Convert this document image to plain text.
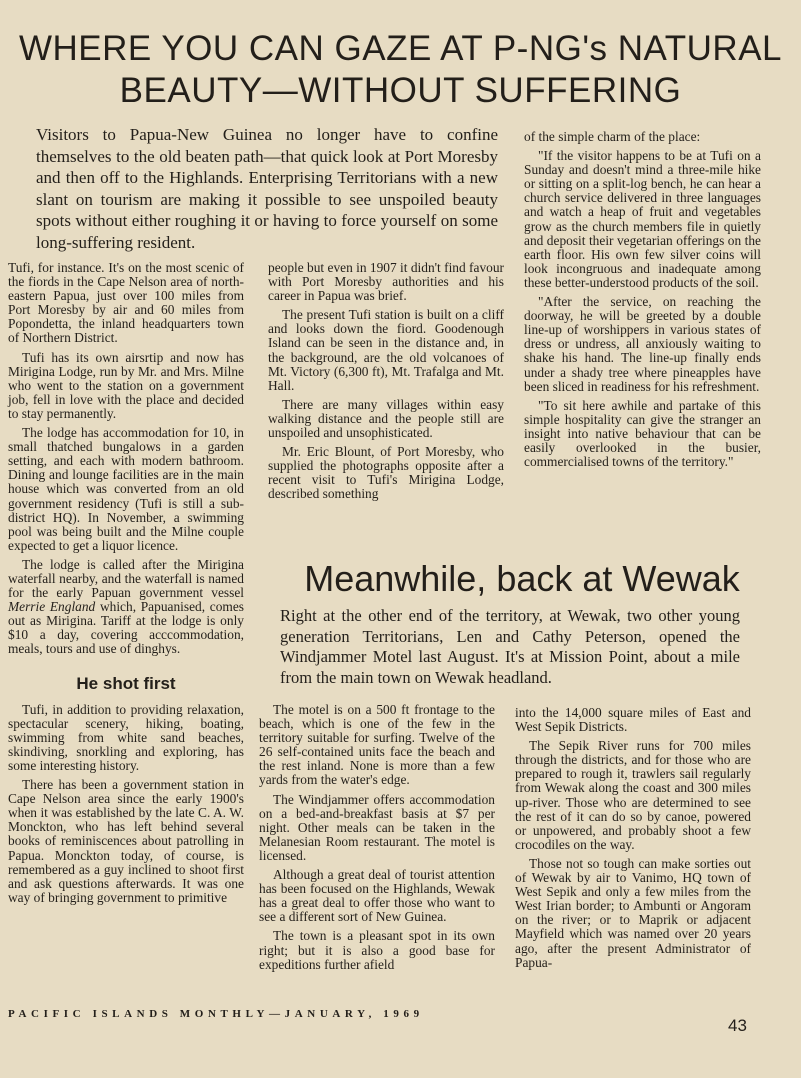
WHERE YOU CAN GAZE AT P-NG's NATURAL
BEAUTY—WITHOUT SUFFERING
Visitors to Papua-New Guinea no longer have to confine themselves to the old beaten path—that quick look at Port Moresby and then off to the Highlands. Enterprising Territorians with a new slant on tourism are making it possible to see unspoiled beauty spots without either roughing it or having to force yourself on some long-suffering resident.

Tufi, for instance. It's on the most scenic of the fiords in the Cape Nelson area of north-eastern Papua, just over 100 miles from Port Moresby by air and 60 miles from Popondetta, the inland headquarters town of Northern District.

Tufi has its own airsrtip and now has Mirigina Lodge, run by Mr. and Mrs. Milne who went to the station on a government job, fell in love with the place and decided to stay permanently.

The lodge has accommodation for 10, in small thatched bungalows in a garden setting, and each with modern bathroom. Dining and lounge facilities are in the main house which was converted from an old government residency (Tufi is still a sub-district HQ). In November, a swimming pool was being built and the Milne couple expected to get a liquor licence.

The lodge is called after the Mirigina waterfall nearby, and the waterfall is named for the early Papuan government vessel Merrie England which, Papuanised, comes out as Mirigina. Tariff at the lodge is only $10 a day, covering acccommodation, meals, tours and use of dinghys.

He shot first

Tufi, in addition to providing relaxation, spectacular scenery, hiking, boating, swimming from white sand beaches, skindiving, snorkling and exploring, has some interesting history.

There has been a government station in Cape Nelson area since the early 1900's when it was established by the late C. A. W. Monckton, who has left behind several books of reminiscences about patrolling in Papua. Monckton today, of course, is remembered as a guy inclined to shoot first and ask questions afterwards. It was one way of bringing government to primitive

people but even in 1907 it didn't find favour with Port Moresby authorities and his career in Papua was brief.

The present Tufi station is built on a cliff and looks down the fiord. Goodenough Island can be seen in the distance and, in the background, are the old volcanoes of Mt. Victory (6,300 ft), Mt. Trafalga and Mt. Hall.

There are many villages within easy walking distance and the people still are unspoiled and unsophisticated.

Mr. Eric Blount, of Port Moresby, who supplied the photographs opposite after a recent visit to Tufi's Mirigina Lodge, described something

of the simple charm of the place:

"If the visitor happens to be at Tufi on a Sunday and doesn't mind a three-mile hike or sitting on a split-log bench, he can hear a church service delivered in three languages and watch a heap of fruit and vegetables grow as the church members file in quietly and deposit their vegetarian offerings on the earth floor. His own few silver coins will look incongruous and inadequate among these better-understood products of the soil.

"After the service, on reaching the doorway, he will be greeted by a double line-up of worshippers in various states of dress or undress, all anxiously waiting to shake his hand. The line-up finally ends under a shady tree where pineapples have been sliced in readiness for his refreshment.

"To sit here awhile and partake of this simple hospitality can give the stranger an insight into native behaviour that can be easily overlooked in the busier, commercialised towns of the territory."

Meanwhile, back at Wewak
Right at the other end of the territory, at Wewak, two other young generation Territorians, Len and Cathy Peterson, opened the Windjammer Motel last August. It's at Mission Point, about a mile from the main town on Wewak headland.

The motel is on a 500 ft frontage to the beach, which is one of the few in the territory suitable for surfing. Twelve of the 26 self-contained units face the beach and the rest inland. None is more than a few yards from the water's edge.

The Windjammer offers accommodation on a bed-and-breakfast basis at $7 per night. Other meals can be taken in the Melanesian Room restaurant. The motel is licensed.

Although a great deal of tourist attention has been focused on the Highlands, Wewak has a great deal to offer those who want to see a different sort of New Guinea.

The town is a pleasant spot in its own right; but it is also a good base for expeditions further afield

into the 14,000 square miles of East and West Sepik Districts.

The Sepik River runs for 700 miles through the districts, and for those who are prepared to rough it, trawlers sail regularly from Wewak along the coast and 300 miles up-river. Those who are determined to see the rest of it can do so by canoe, powered or unpowered, and probably shoot a few crocodiles on the way.

Those not so tough can make sorties out of Wewak by air to Vanimo, HQ town of West Sepik and only a few miles from the West Irian border; to Ambunti or Angoram on the river; or to Maprik or adjacent Mayfield which was named over 20 years ago, after the present Administrator of Papua-

PACIFIC ISLANDS MONTHLY—JANUARY, 1969
43
